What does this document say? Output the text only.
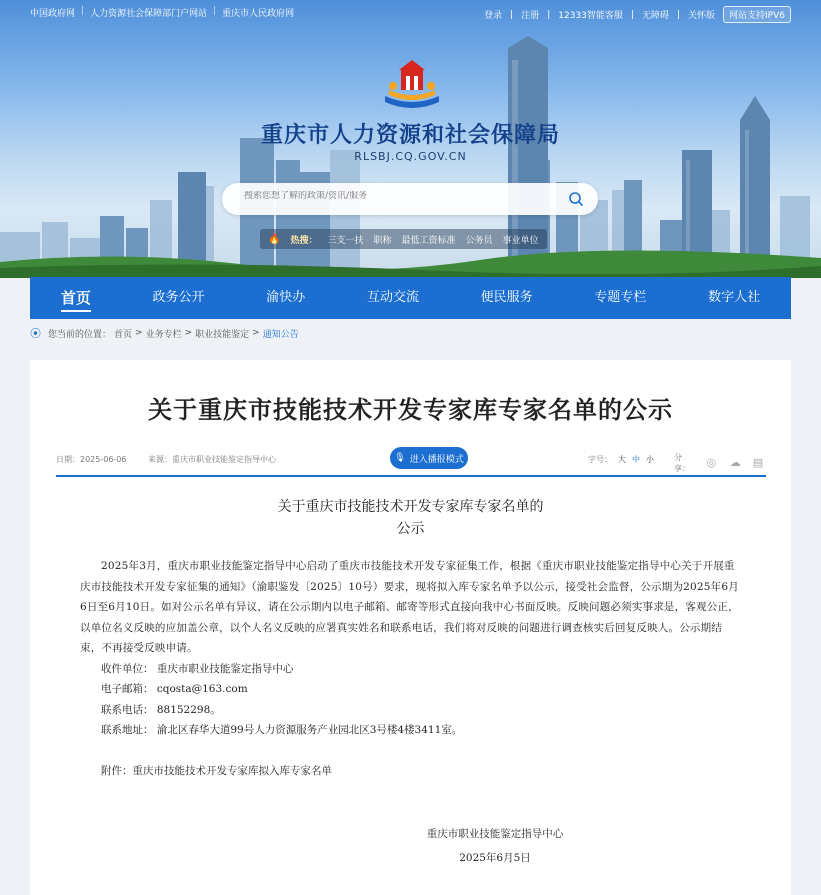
中国政府网 | 人力资源社会保障部门户网站 | 重庆市人民政府网	登录 | 注册 | 12333智能客服 | 无障碍 | 关怀版	网站支持IPV6
重庆市人力资源和社会保障局
RLSBJ.CQ.GOV.CN
搜索您想了解的政策/资讯/服务
🔥 热搜： 三支一扶 职称 最低工资标准 公务员 事业单位
首页	政务公开	渝快办	互动交流	便民服务	专题专栏	数字人社
⦿ 您当前的位置： 首页 > 业务专栏 > 职业技能鉴定 > 通知公告
关于重庆市技能技术开发专家库专家名单的公示
日期：2025-06-06	来源：重庆市职业技能鉴定指导中心	🎙 进入播报模式	字号： 大 中 小	分享：	◎	☁ ▤
关于重庆市技能技术开发专家库专家名单的
公示

2025年3月，重庆市职业技能鉴定指导中心启动了重庆市技能技术开发专家征集工作，根据《重庆市职业技能鉴定指导中心关于开展重庆市技能技术开发专家征集的通知》（渝职鉴发〔2025〕10号）要求，现将拟入库专家名单予以公示，接受社会监督，公示期为2025年6月6日至6月10日。如对公示名单有异议，请在公示期内以电子邮箱、邮寄等形式直接向我中心书面反映。反映问题必须实事求是，客观公正，以单位名义反映的应加盖公章，以个人名义反映的应署真实姓名和联系电话，我们将对反映的问题进行调查核实后回复反映人。公示期结束，不再接受反映申请。

收件单位： 重庆市职业技能鉴定指导中心
电子邮箱： cqosta@163.com
联系电话： 88152298。
联系地址： 渝北区春华大道99号人力资源服务产业园北区3号楼4楼3411室。
附件：重庆市技能技术开发专家库拟入库专家名单
重庆市职业技能鉴定指导中心
2025年6月5日
